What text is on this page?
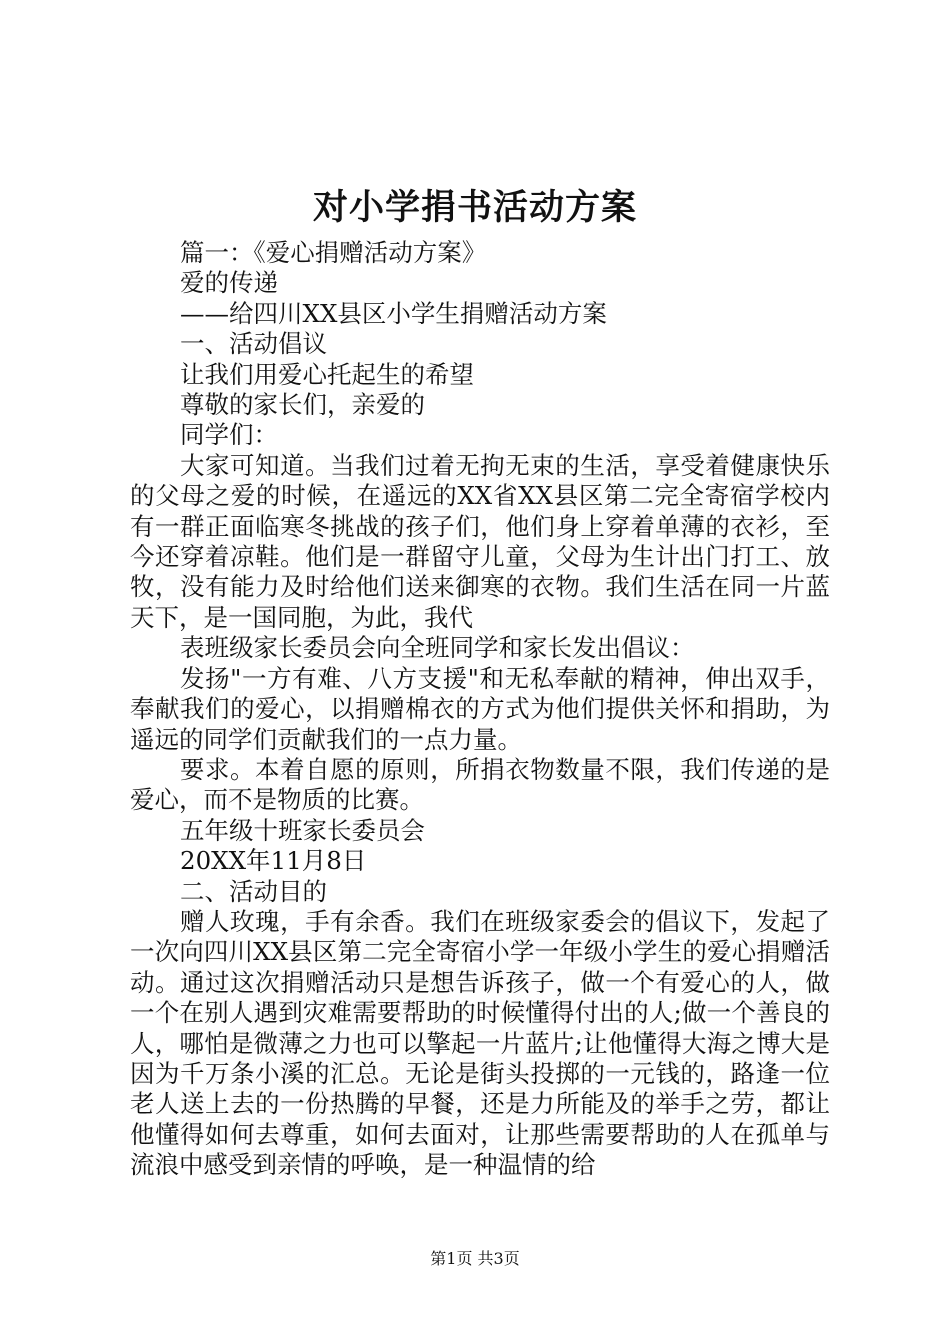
对小学捐书活动方案

篇一：《爱心捐赠活动方案》

爱的传递

——给四川XX县区小学生捐赠活动方案

一、活动倡议

让我们用爱心托起生的希望

尊敬的家长们，亲爱的

同学们：

大家可知道。当我们过着无拘无束的生活，享受着健康快乐的父母之爱的时候，在遥远的XX省XX县区第二完全寄宿学校内有一群正面临寒冬挑战的孩子们，他们身上穿着单薄的衣衫，至今还穿着凉鞋。他们是一群留守儿童，父母为生计出门打工、放牧，没有能力及时给他们送来御寒的衣物。我们生活在同一片蓝天下，是一国同胞，为此，我代

表班级家长委员会向全班同学和家长发出倡议：

发扬"一方有难、八方支援"和无私奉献的精神，伸出双手，奉献我们的爱心，以捐赠棉衣的方式为他们提供关怀和捐助，为遥远的同学们贡献我们的一点力量。

要求。本着自愿的原则，所捐衣物数量不限，我们传递的是爱心，而不是物质的比赛。

五年级十班家长委员会

20XX年11月8日

二、活动目的

赠人玫瑰，手有余香。我们在班级家委会的倡议下，发起了一次向四川XX县区第二完全寄宿小学一年级小学生的爱心捐赠活动。通过这次捐赠活动只是想告诉孩子，做一个有爱心的人，做一个在别人遇到灾难需要帮助的时候懂得付出的人;做一个善良的人，哪怕是微薄之力也可以擎起一片蓝片;让他懂得大海之博大是因为千万条小溪的汇总。无论是街头投掷的一元钱的，路逢一位老人送上去的一份热腾的早餐，还是力所能及的举手之劳，都让他懂得如何去尊重，如何去面对，让那些需要帮助的人在孤单与流浪中感受到亲情的呼唤，是一种温情的给

第1页 共3页
